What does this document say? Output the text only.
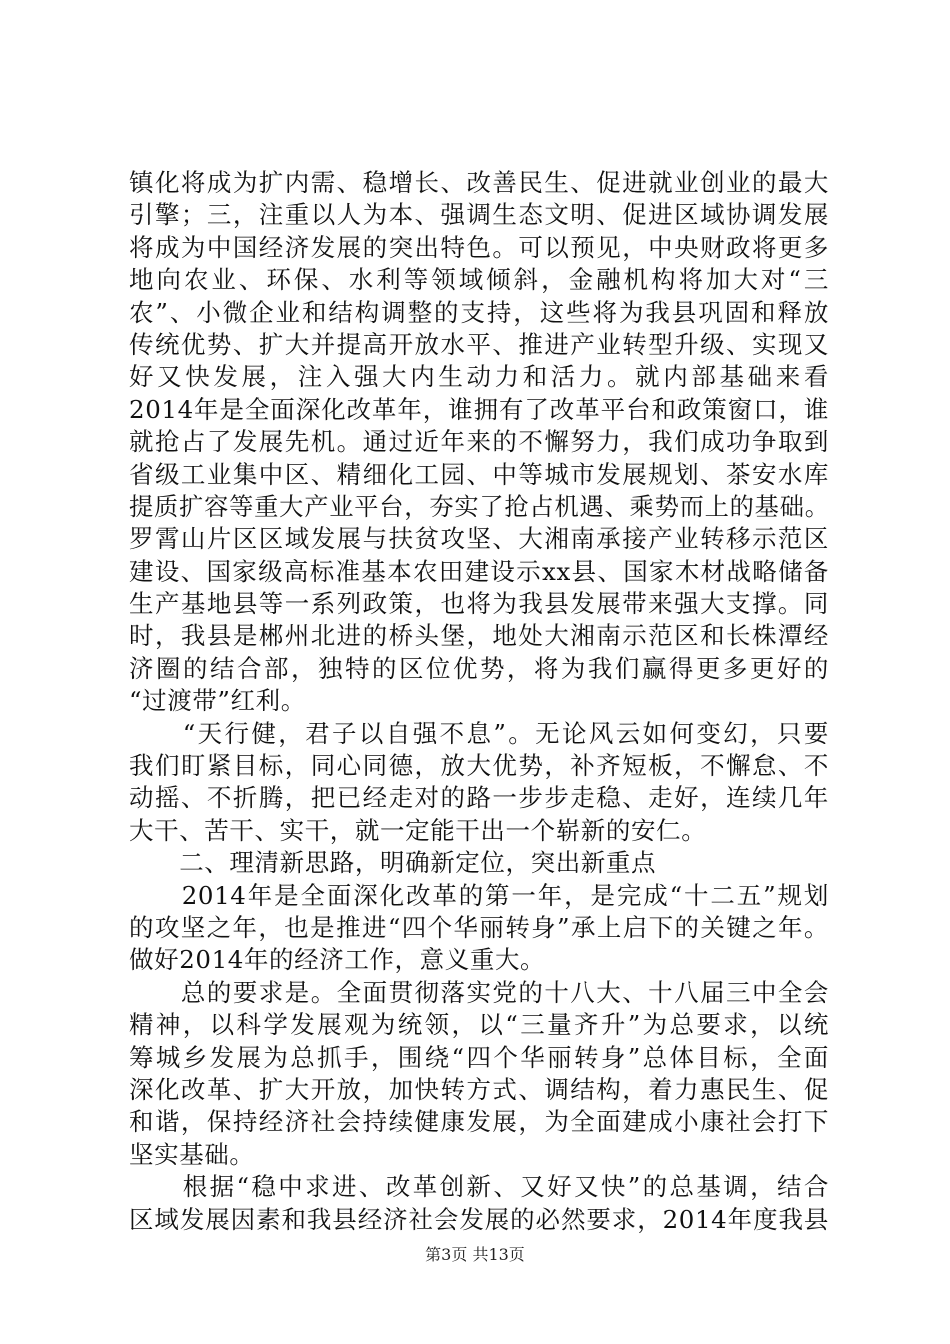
镇化将成为扩内需、稳增长、改善民生、促进就业创业的最大
引擎；三，注重以人为本、强调生态文明、促进区域协调发展
将成为中国经济发展的突出特色。可以预见，中央财政将更多
地向农业、环保、水利等领域倾斜，金融机构将加大对“三
农”、小微企业和结构调整的支持，这些将为我县巩固和释放
传统优势、扩大并提高开放水平、推进产业转型升级、实现又
好又快发展，注入强大内生动力和活力。就内部基础来看
2014年是全面深化改革年，谁拥有了改革平台和政策窗口，谁
就抢占了发展先机。通过近年来的不懈努力，我们成功争取到
省级工业集中区、精细化工园、中等城市发展规划、茶安水库
提质扩容等重大产业平台，夯实了抢占机遇、乘势而上的基础。
罗霄山片区区域发展与扶贫攻坚、大湘南承接产业转移示范区
建设、国家级高标准基本农田建设示xx县、国家木材战略储备
生产基地县等一系列政策，也将为我县发展带来强大支撑。同
时，我县是郴州北进的桥头堡，地处大湘南示范区和长株潭经
济圈的结合部，独特的区位优势，将为我们赢得更多更好的
“过渡带”红利。
　　“天行健，君子以自强不息”。无论风云如何变幻，只要
我们盯紧目标，同心同德，放大优势，补齐短板，不懈怠、不
动摇、不折腾，把已经走对的路一步步走稳、走好，连续几年
大干、苦干、实干，就一定能干出一个崭新的安仁。
　　二、理清新思路，明确新定位，突出新重点
　　2014年是全面深化改革的第一年，是完成“十二五”规划
的攻坚之年，也是推进“四个华丽转身”承上启下的关键之年。
做好2014年的经济工作，意义重大。
　　总的要求是。全面贯彻落实党的十八大、十八届三中全会
精神，以科学发展观为统领，以“三量齐升”为总要求，以统
筹城乡发展为总抓手，围绕“四个华丽转身”总体目标，全面
深化改革、扩大开放，加快转方式、调结构，着力惠民生、促
和谐，保持经济社会持续健康发展，为全面建成小康社会打下
坚实基础。
　　根据“稳中求进、改革创新、又好又快”的总基调，结合
区域发展因素和我县经济社会发展的必然要求，2014年度我县
第3页 共13页
